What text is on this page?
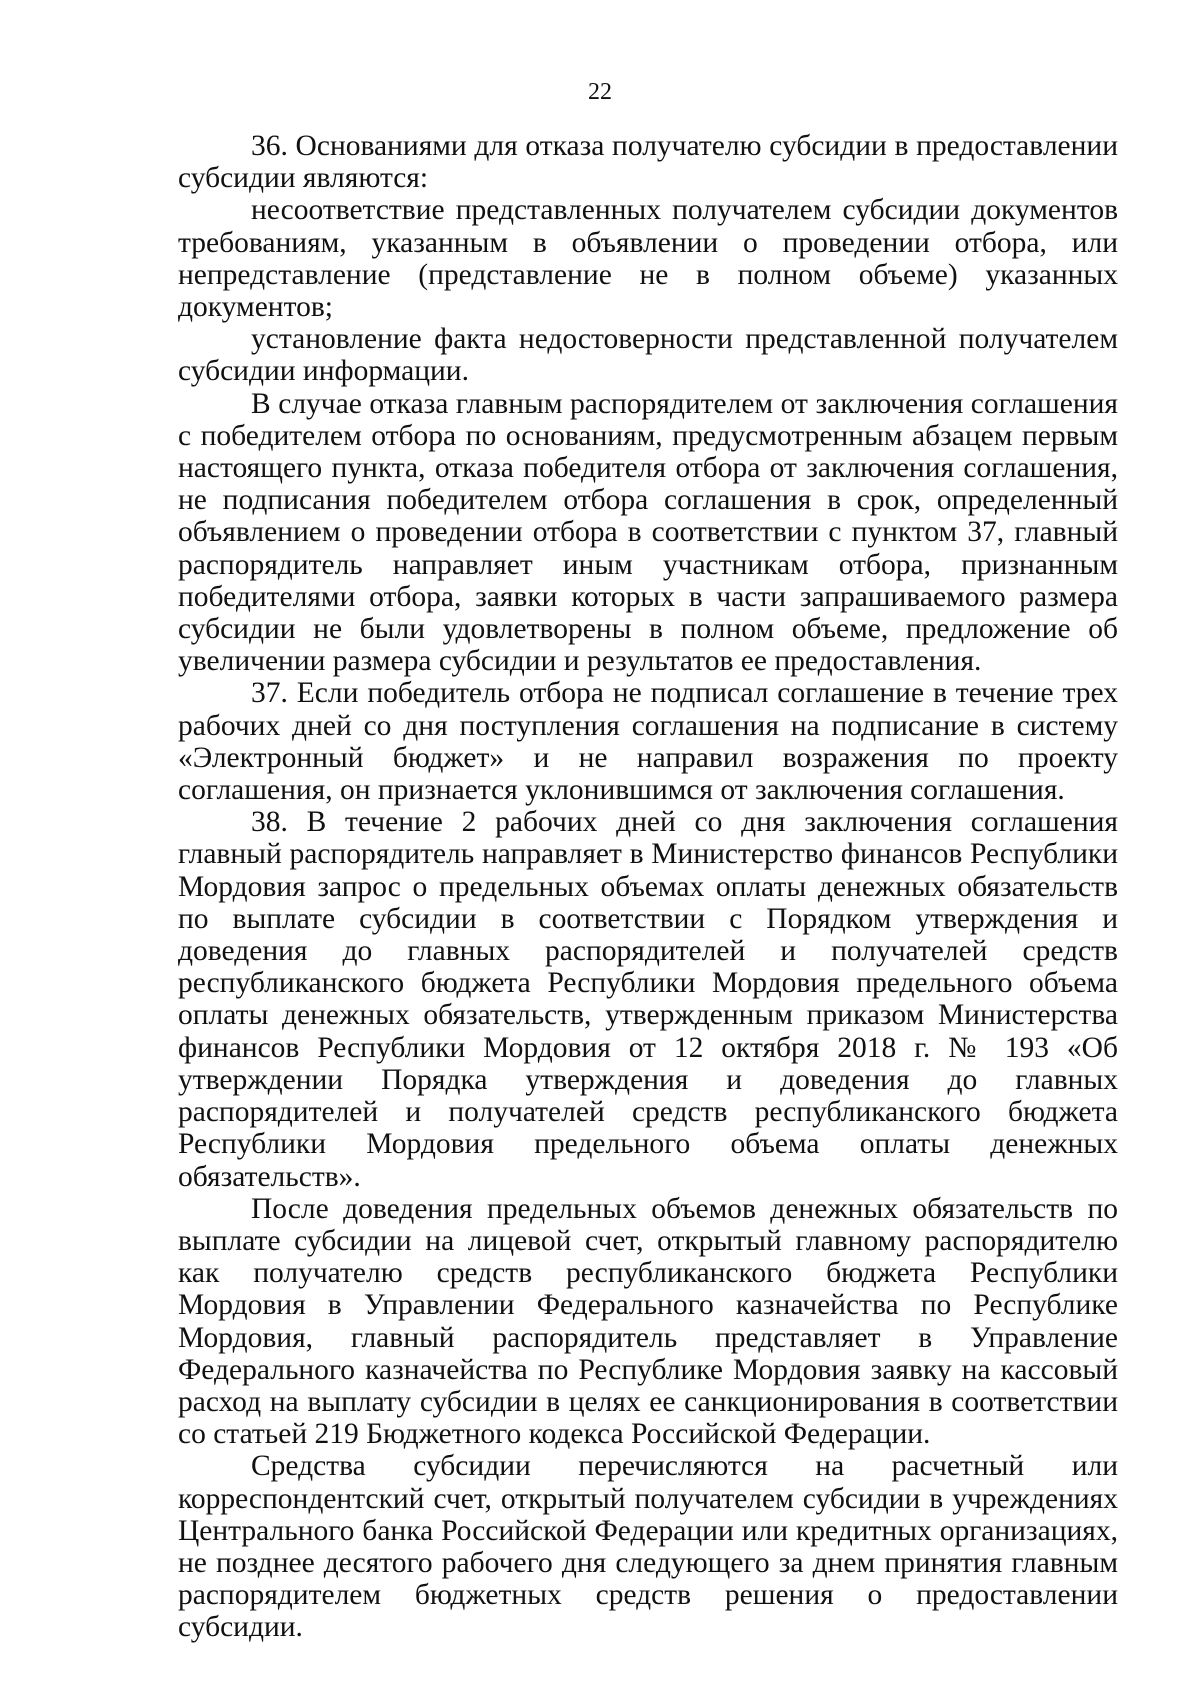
22

36. Основаниями для отказа получателю субсидии в предоставлении субсидии являются:

несоответствие представленных получателем субсидии документов требованиям, указанным в объявлении о проведении отбора, или непредставление (представление не в полном объеме) указанных документов;

установление факта недостоверности представленной получателем субсидии информации.

В случае отказа главным распорядителем от заключения соглашения с победителем отбора по основаниям, предусмотренным абзацем первым настоящего пункта, отказа победителя отбора от заключения соглашения, не подписания победителем отбора соглашения в срок, определенный объявлением о проведении отбора в соответствии с пунктом 37, главный распорядитель направляет иным участникам отбора, признанным победителями отбора, заявки которых в части запрашиваемого размера субсидии не были удовлетворены в полном объеме, предложение об увеличении размера субсидии и результатов ее предоставления.

37. Если победитель отбора не подписал соглашение в течение трех рабочих дней со дня поступления соглашения на подписание в систему «Электронный бюджет» и не направил возражения по проекту соглашения, он признается уклонившимся от заключения соглашения.

38. В течение 2 рабочих дней со дня заключения соглашения главный распорядитель направляет в Министерство финансов Республики Мордовия запрос о предельных объемах оплаты денежных обязательств по выплате субсидии в соответствии с Порядком утверждения и доведения до главных распорядителей и получателей средств республиканского бюджета Республики Мордовия предельного объема оплаты денежных обязательств, утвержденным приказом Министерства финансов Республики Мордовия от 12 октября 2018 г. № 193 «Об утверждении Порядка утверждения и доведения до главных распорядителей и получателей средств республиканского бюджета Республики Мордовия предельного объема оплаты денежных обязательств».

После доведения предельных объемов денежных обязательств по выплате субсидии на лицевой счет, открытый главному распорядителю как получателю средств республиканского бюджета Республики Мордовия в Управлении Федерального казначейства по Республике Мордовия, главный распорядитель представляет в Управление Федерального казначейства по Республике Мордовия заявку на кассовый расход на выплату субсидии в целях ее санкционирования в соответствии со статьей 219 Бюджетного кодекса Российской Федерации.

Средства субсидии перечисляются на расчетный или корреспондентский счет, открытый получателем субсидии в учреждениях Центрального банка Российской Федерации или кредитных организациях, не позднее десятого рабочего дня следующего за днем принятия главным распорядителем бюджетных средств решения о предоставлении субсидии.
